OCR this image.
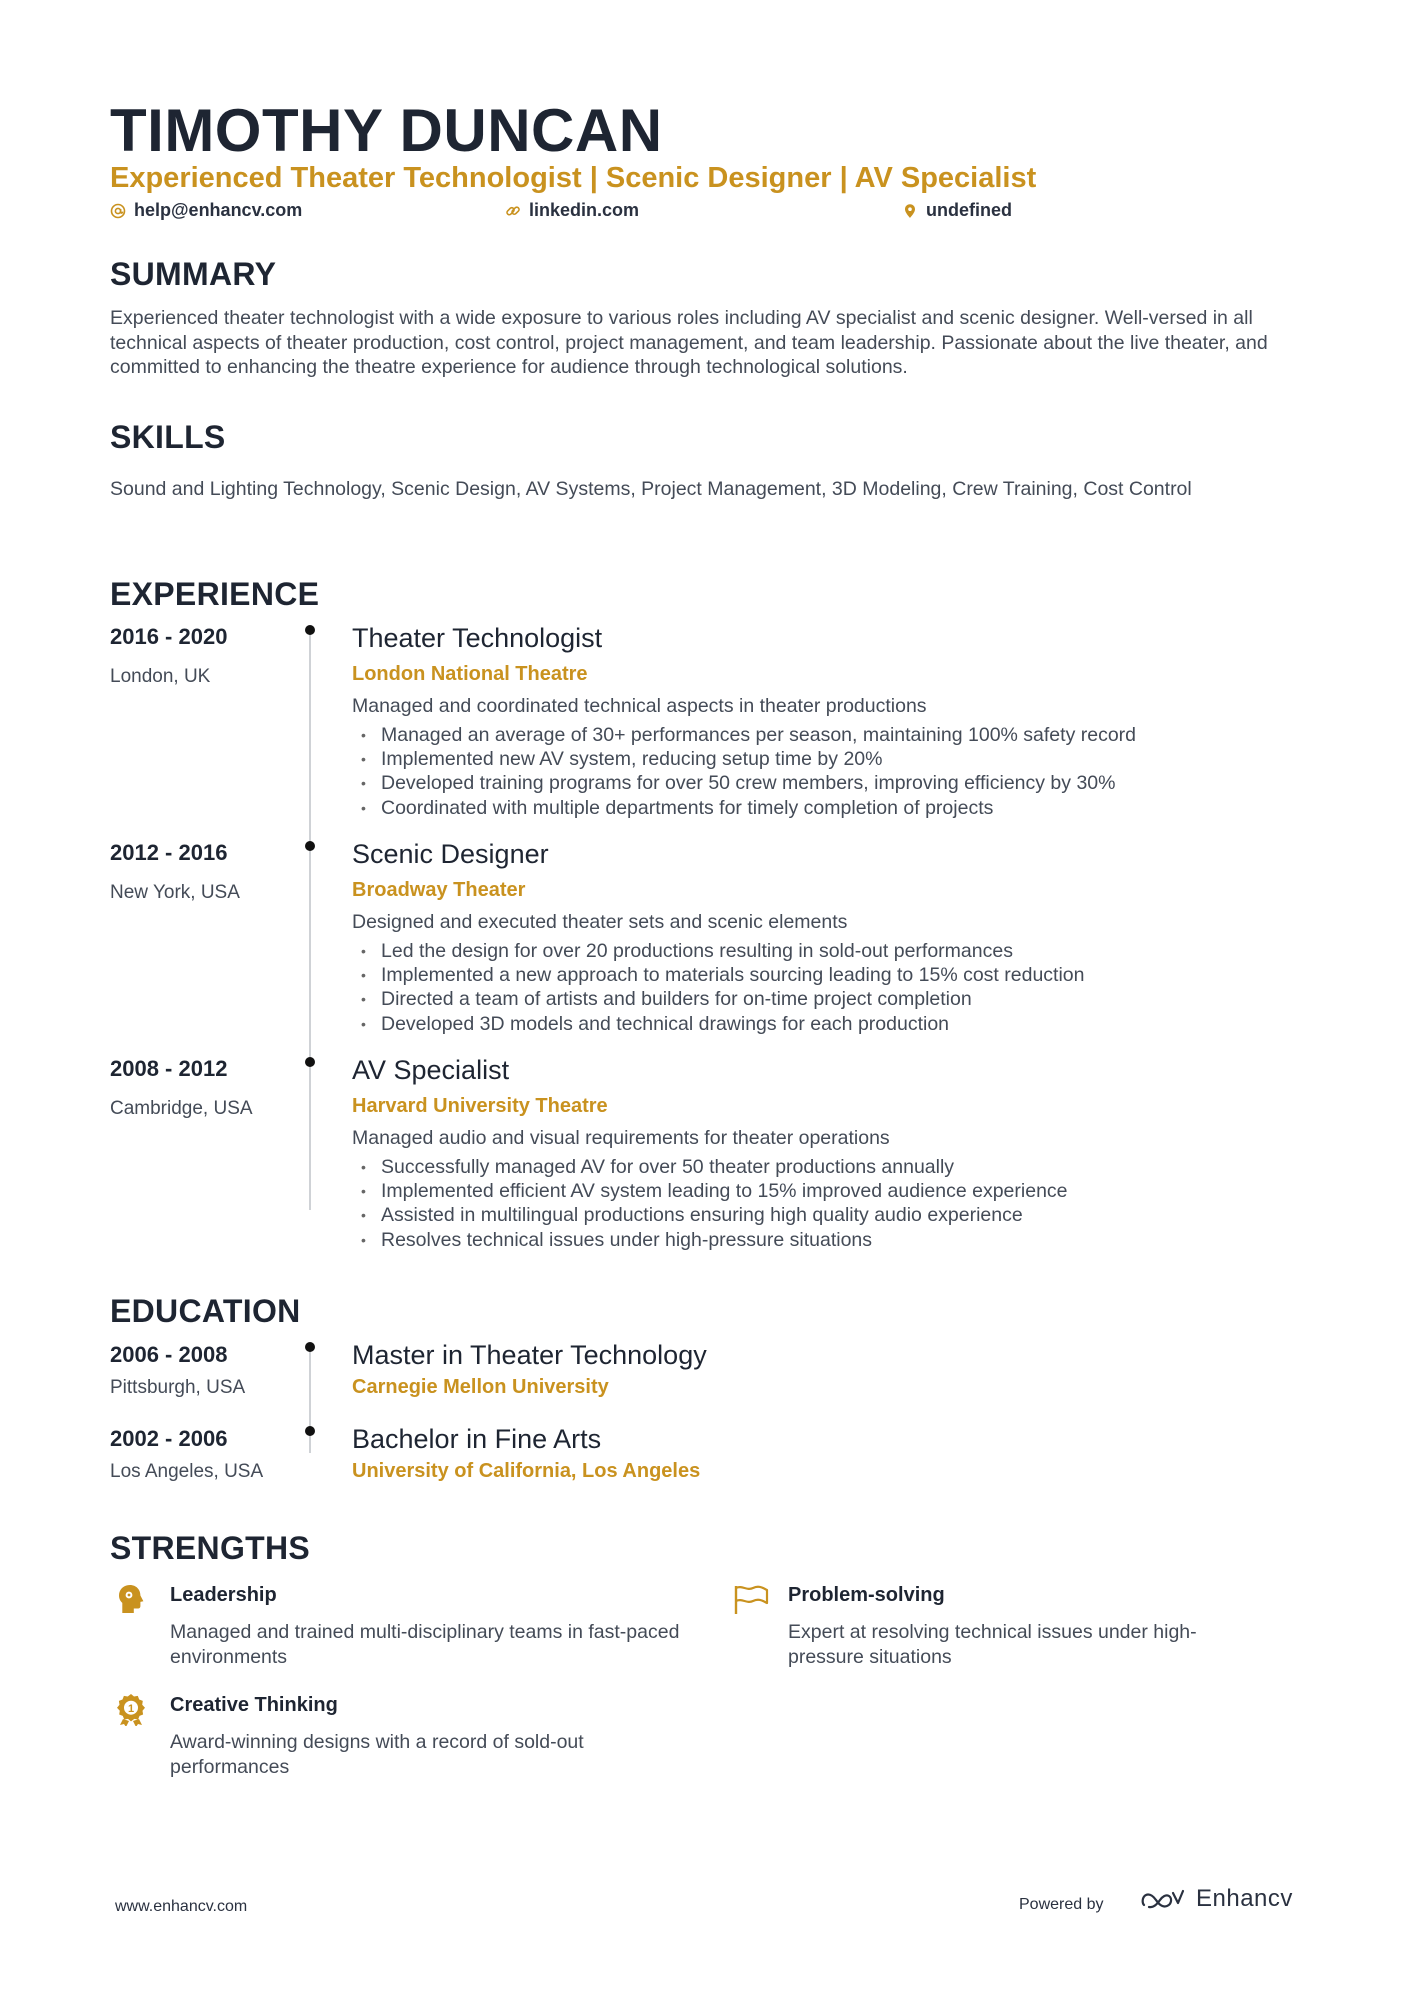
TIMOTHY DUNCAN
Experienced Theater Technologist | Scenic Designer | AV Specialist
help@enhancv.com	linkedin.com	undefined
SUMMARY
Experienced theater technologist with a wide exposure to various roles including AV specialist and scenic designer. Well-versed in all technical aspects of theater production, cost control, project management, and team leadership. Passionate about the live theater, and committed to enhancing the theatre experience for audience through technological solutions.
SKILLS
Sound and Lighting Technology, Scenic Design, AV Systems, Project Management, 3D Modeling, Crew Training, Cost Control
EXPERIENCE
2016 - 2020
London, UK
Theater Technologist
London National Theatre
Managed and coordinated technical aspects in theater productions
• Managed an average of 30+ performances per season, maintaining 100% safety record
• Implemented new AV system, reducing setup time by 20%
• Developed training programs for over 50 crew members, improving efficiency by 30%
• Coordinated with multiple departments for timely completion of projects
2012 - 2016
New York, USA
Scenic Designer
Broadway Theater
Designed and executed theater sets and scenic elements
• Led the design for over 20 productions resulting in sold-out performances
• Implemented a new approach to materials sourcing leading to 15% cost reduction
• Directed a team of artists and builders for on-time project completion
• Developed 3D models and technical drawings for each production
2008 - 2012
Cambridge, USA
AV Specialist
Harvard University Theatre
Managed audio and visual requirements for theater operations
• Successfully managed AV for over 50 theater productions annually
• Implemented efficient AV system leading to 15% improved audience experience
• Assisted in multilingual productions ensuring high quality audio experience
• Resolves technical issues under high-pressure situations
EDUCATION
2006 - 2008
Pittsburgh, USA
Master in Theater Technology
Carnegie Mellon University
2002 - 2006
Los Angeles, USA
Bachelor in Fine Arts
University of California, Los Angeles
STRENGTHS
Leadership
Managed and trained multi-disciplinary teams in fast-paced environments
Problem-solving
Expert at resolving technical issues under high-pressure situations
1 Creative Thinking
Award-winning designs with a record of sold-out performances
www.enhancv.com	Powered by	Enhancv
